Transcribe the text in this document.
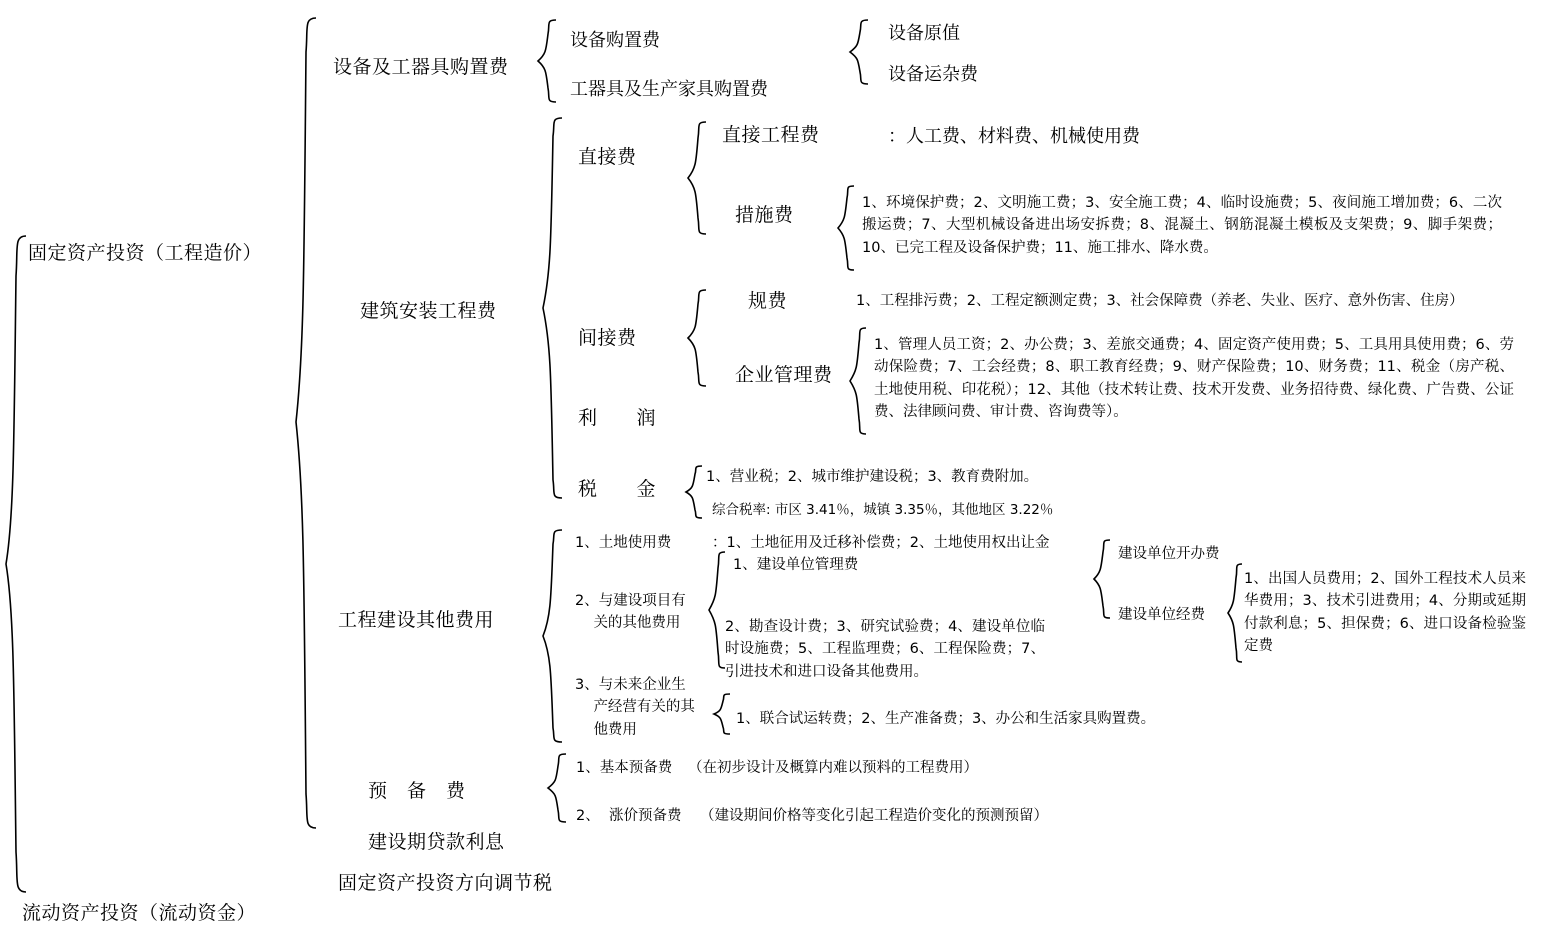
固定资产投资（工程造价）
流动资产投资（流动资金）
设备及工器具购置费
建筑安装工程费
工程建设其他费用
预　备　费
建设期贷款利息
固定资产投资方向调节税
设备购置费
工器具及生产家具购置费
设备原值
设备运杂费
直接费
间接费
利　　润
税　　金
直接工程费	：人工费、材料费、机械使用费
措施费
1、环境保护费；2、文明施工费；3、安全施工费；4、临时设施费；5、夜间施工增加费；6、二次搬运费；7、大型机械设备进出场安拆费；8、混凝土、钢筋混凝土模板及支架费；9、脚手架费；10、已完工程及设备保护费；11、施工排水、降水费。
规费	1、工程排污费；2、工程定额测定费；3、社会保障费（养老、失业、医疗、意外伤害、住房）
企业管理费
1、管理人员工资；2、办公费；3、差旅交通费；4、固定资产使用费；5、工具用具使用费；6、劳动保险费；7、工会经费；8、职工教育经费；9、财产保险费；10、财务费；11、税金（房产税、土地使用税、印花税）；12、其他（技术转让费、技术开发费、业务招待费、绿化费、广告费、公证费、法律顾问费、审计费、咨询费等）。
1、营业税；2、城市维护建设税；3、教育费附加。
综合税率: 市区 3.41％，城镇 3.35％，其他地区 3.22％
1、土地使用费	：1、土地征用及迁移补偿费；2、土地使用权出让金
2、与建设项目有
关的其他费用
1、建设单位管理费
2、勘查设计费；3、研究试验费；4、建设单位临时设施费；5、工程监理费；6、工程保险费；7、引进技术和进口设备其他费用。
建设单位开办费
建设单位经费
1、出国人员费用；2、国外工程技术人员来华费用；3、技术引进费用；4、分期或延期付款利息；5、担保费；6、进口设备检验鉴定费
3、与未来企业生
产经营有关的其
他费用
1、联合试运转费；2、生产准备费；3、办公和生活家具购置费。
1、基本预备费 （在初步设计及概算内难以预料的工程费用）
2、  涨价预备费 （建设期间价格等变化引起工程造价变化的预测预留）
